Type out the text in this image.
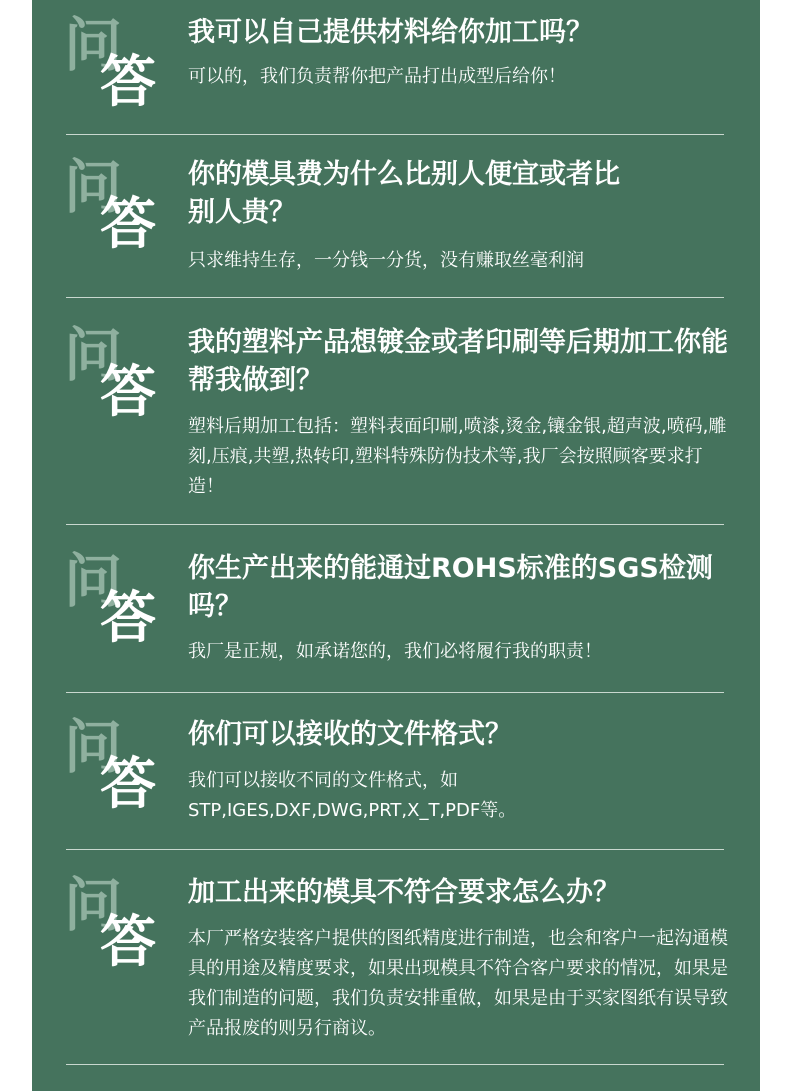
问
答

我可以自己提供材料给你加工吗？

可以的，我们负责帮你把产品打出成型后给你！

问
答

你的模具费为什么比别人便宜或者比别人贵？

只求维持生存，一分钱一分货，没有赚取丝毫利润

问
答

我的塑料产品想镀金或者印刷等后期加工你能帮我做到？

塑料后期加工包括：塑料表面印刷,喷漆,烫金,镶金银,超声波,喷码,雕刻,压痕,共塑,热转印,塑料特殊防伪技术等,我厂会按照顾客要求打造！

问
答

你生产出来的能通过ROHS标准的SGS检测吗？

我厂是正规，如承诺您的，我们必将履行我的职责！

问
答

你们可以接收的文件格式？

我们可以接收不同的文件格式，如STP,IGES,DXF,DWG,PRT,X_T,PDF等。

问
答

加工出来的模具不符合要求怎么办？

本厂严格安装客户提供的图纸精度进行制造，也会和客户一起沟通模具的用途及精度要求，如果出现模具不符合客户要求的情况，如果是我们制造的问题，我们负责安排重做，如果是由于买家图纸有误导致产品报废的则另行商议。
